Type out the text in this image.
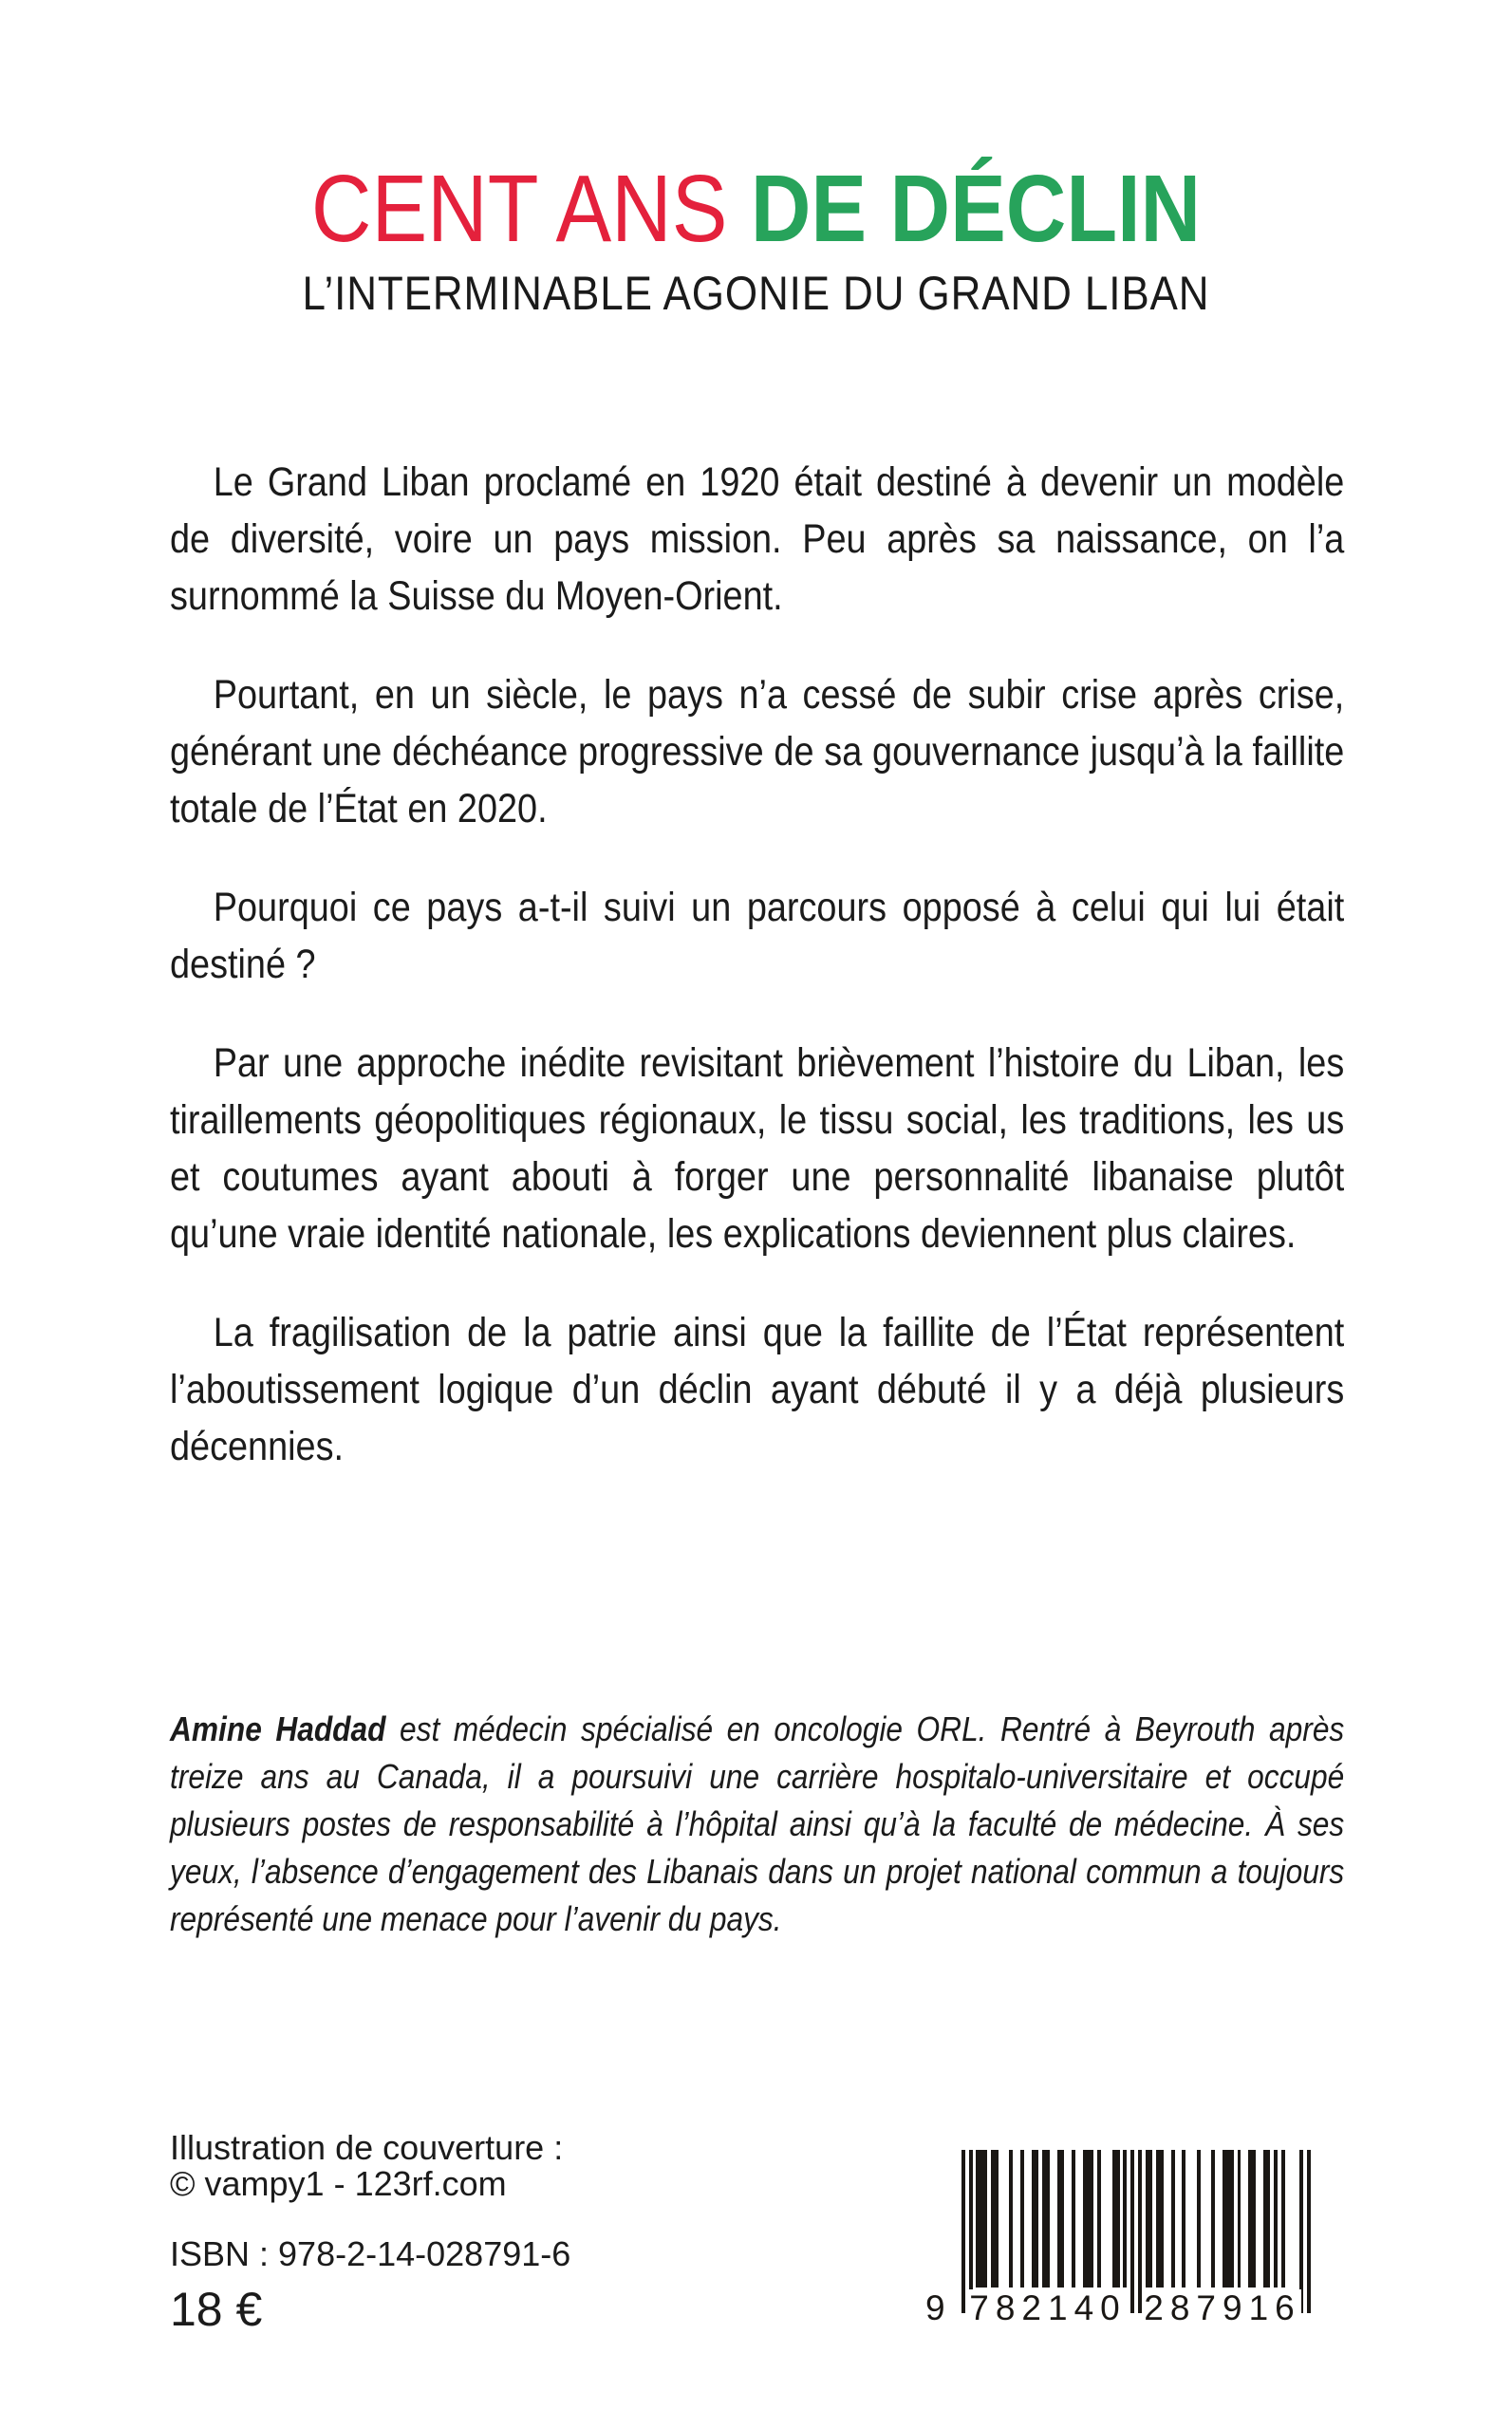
CENT ANS DE DÉCLIN
L’INTERMINABLE AGONIE DU GRAND LIBAN

Le Grand Liban proclamé en 1920 était destiné à devenir un modèle de diversité, voire un pays mission. Peu après sa naissance, on l’a surnommé la Suisse du Moyen-Orient.

Pourtant, en un siècle, le pays n’a cessé de subir crise après crise, générant une déchéance progressive de sa gouvernance jusqu’à la faillite totale de l’État en 2020.

Pourquoi ce pays a-t-il suivi un parcours opposé à celui qui lui était destiné ?

Par une approche inédite revisitant brièvement l’histoire du Liban, les tiraillements géopolitiques régionaux, le tissu social, les traditions, les us et coutumes ayant abouti à forger une personnalité libanaise plutôt qu’une vraie identité nationale, les explications deviennent plus claires.

La fragilisation de la patrie ainsi que la faillite de l’État représentent l’aboutissement logique d’un déclin ayant débuté il y a déjà plusieurs décennies.

Amine Haddad est médecin spécialisé en oncologie ORL. Rentré à Beyrouth après treize ans au Canada, il a poursuivi une carrière hospitalo-universitaire et occupé plusieurs postes de responsabilité à l’hôpital ainsi qu’à la faculté de médecine. À ses yeux, l’absence d’engagement des Libanais dans un projet national commun a toujours représenté une menace pour l’avenir du pays.

Illustration de couverture :
© vampy1 - 123rf.com

ISBN : 978-2-14-028791-6

18 €	9 782140 287916
